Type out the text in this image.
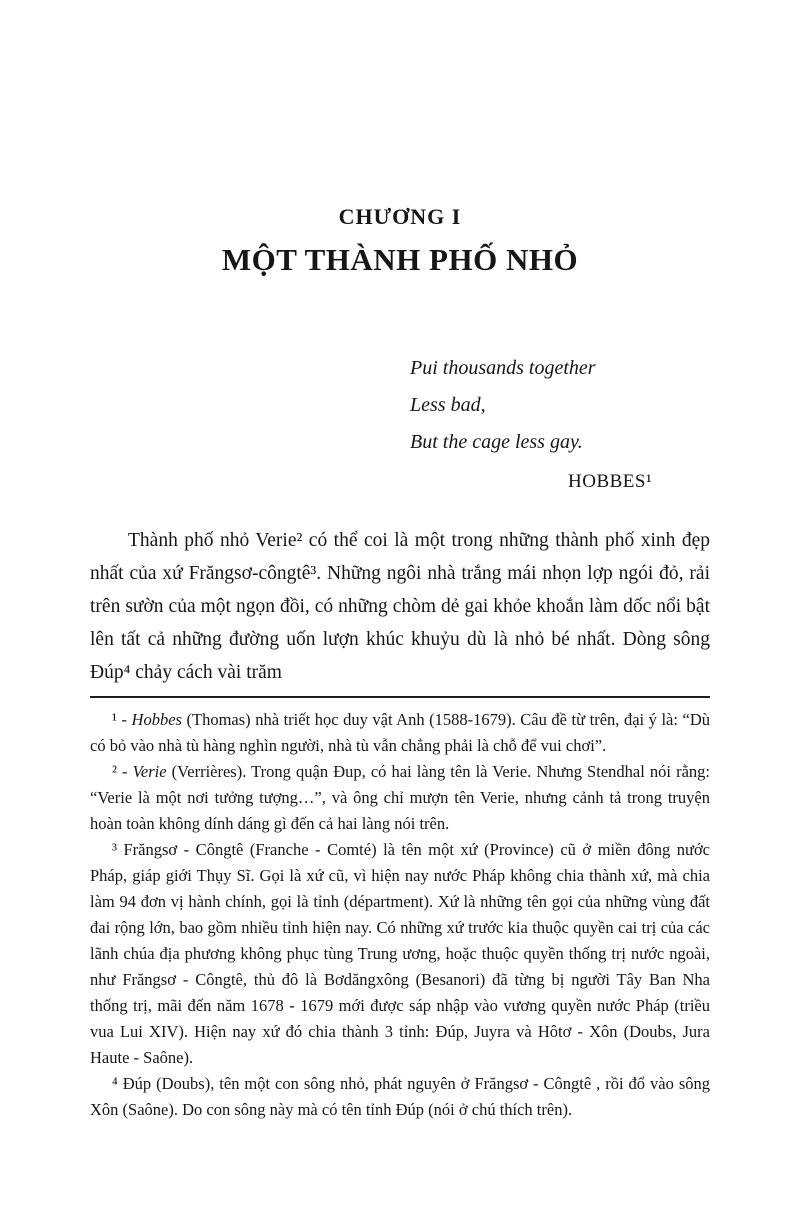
CHƯƠNG I
MỘT THÀNH PHỐ NHỎ
Pui thousands together
Less bad,
But the cage less gay.
HOBBES¹

Thành phố nhỏ Verie² có thể coi là một trong những thành phố xinh đẹp nhất của xứ Frăngsơ-côngtê³. Những ngôi nhà trắng mái nhọn lợp ngói đỏ, rải trên sườn của một ngọn đồi, có những chòm dẻ gai khỏe khoắn làm dốc nổi bật lên tất cả những đường uốn lượn khúc khuỷu dù là nhỏ bé nhất. Dòng sông Đúp⁴ chảy cách vài trăm

¹ - Hobbes (Thomas) nhà triết học duy vật Anh (1588-1679). Câu đề từ trên, đại ý là: “Dù có bỏ vào nhà tù hàng nghìn người, nhà tù vẫn chẳng phải là chỗ để vui chơi”.

² - Verie (Verrières). Trong quận Đup, có hai làng tên là Verie. Nhưng Stendhal nói rằng: “Verie là một nơi tưởng tượng…”, và ông chỉ mượn tên Verie, nhưng cảnh tả trong truyện hoàn toàn không dính dáng gì đến cả hai làng nói trên.

³ Frăngsơ - Côngtê (Franche - Comté) là tên một xứ (Province) cũ ở miền đông nước Pháp, giáp giới Thụy Sĩ. Gọi là xứ cũ, vì hiện nay nước Pháp không chia thành xứ, mà chia làm 94 đơn vị hành chính, gọi là tỉnh (départment). Xứ là những tên gọi của những vùng đất đai rộng lớn, bao gồm nhiều tỉnh hiện nay. Có những xứ trước kia thuộc quyền cai trị của các lãnh chúa địa phương không phục tùng Trung ương, hoặc thuộc quyền thống trị nước ngoài, như Frăngsơ - Côngtê, thủ đô là Bơdăngxông (Besanori) đã từng bị người Tây Ban Nha thống trị, mãi đến năm 1678 - 1679 mới được sáp nhập vào vương quyền nước Pháp (triều vua Lui XIV). Hiện nay xứ đó chia thành 3 tỉnh: Đúp, Juyra và Hôtơ - Xôn (Doubs, Jura Haute - Saône).

⁴ Đúp (Doubs), tên một con sông nhỏ, phát nguyên ở Frăngsơ - Côngtê , rồi đổ vào sông Xôn (Saône). Do con sông này mà có tên tỉnh Đúp (nói ở chú thích trên).
